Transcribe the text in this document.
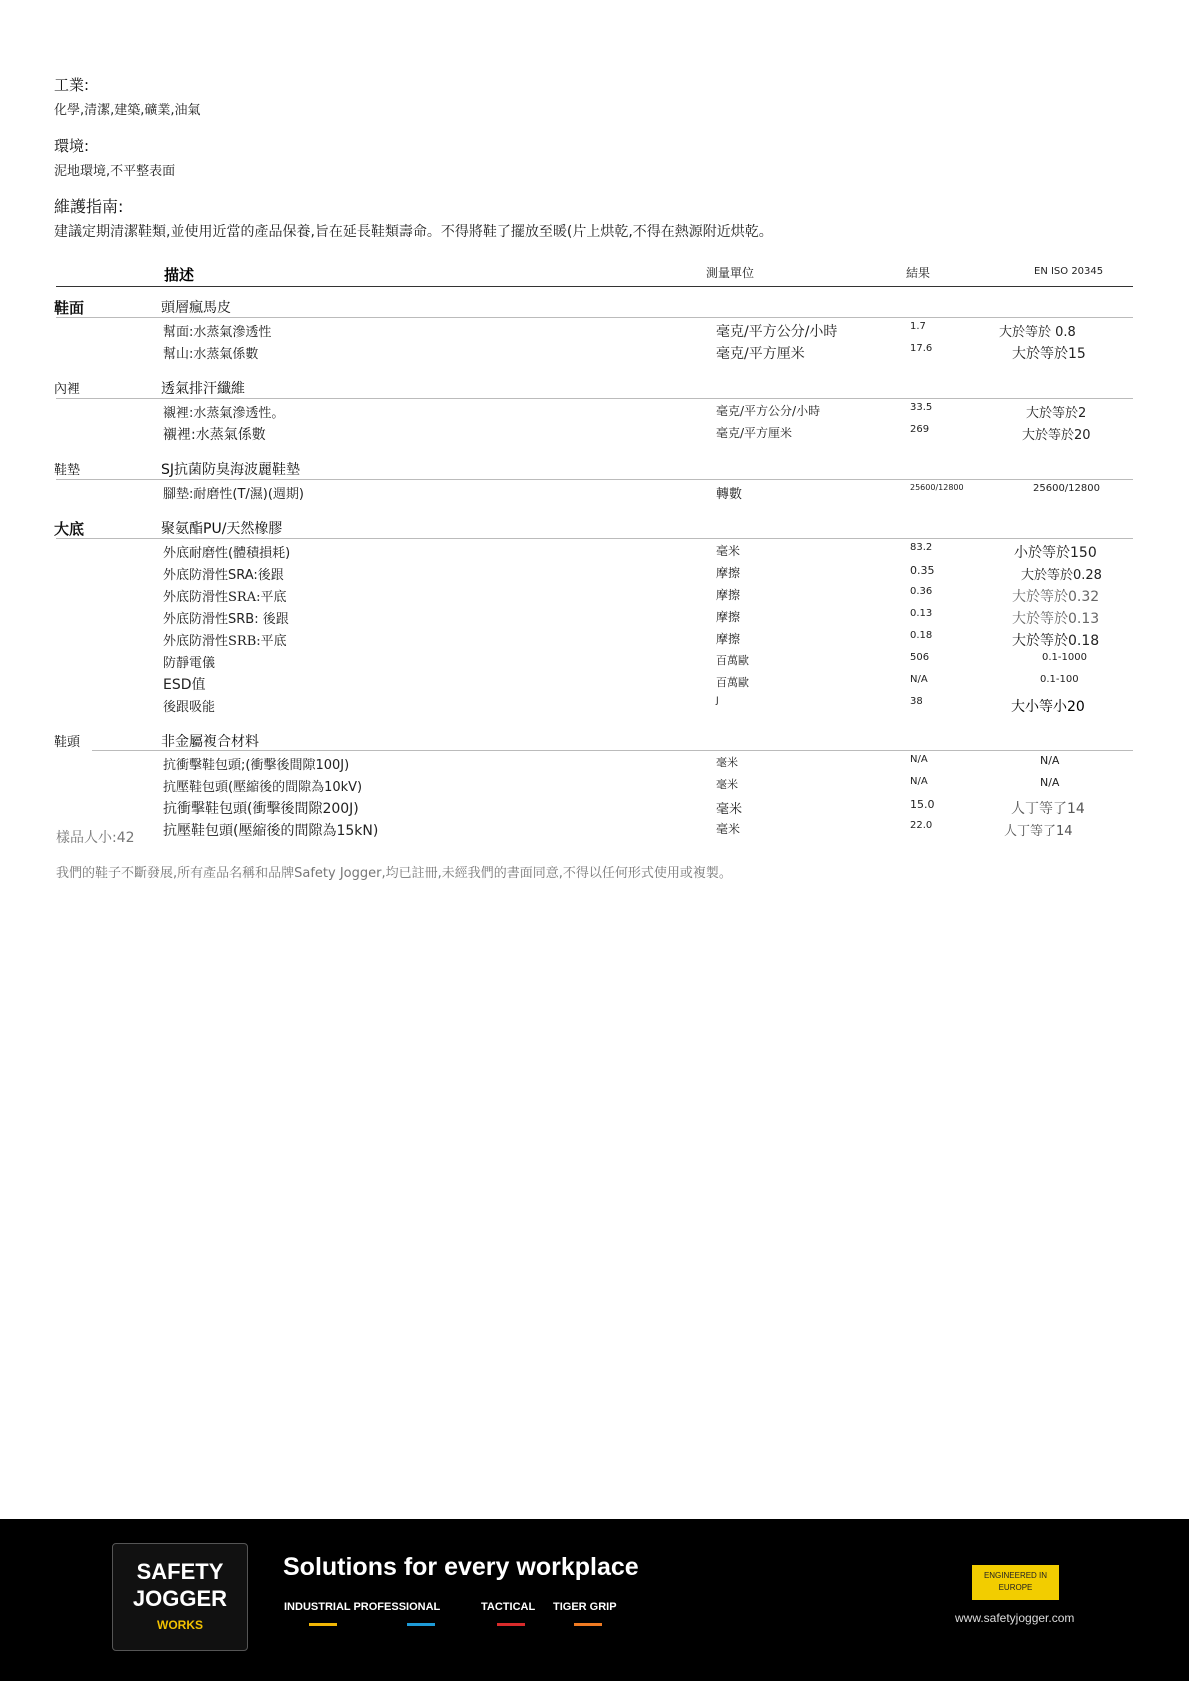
工業:
化學,清潔,建築,礦業,油氣
環境:
泥地環境,不平整表面
維護指南:
建議定期清潔鞋類,並使用近當的產品保養,旨在延長鞋類壽命。不得將鞋了擺放至暖(片上烘乾,不得在熱源附近烘乾。
描述	測量單位	結果	EN ISO 20345
鞋面	頭層瘋馬皮
幫面:水蒸氣滲透性	毫克/平方公分/小時	1.7	大於等於 0.8
幫山:水蒸氣係數	毫克/平方厘米	17.6	大於等於15
內裡	透氣排汗纖維
襯裡:水蒸氣滲透性。	毫克/平方公分/小時	33.5	大於等於2
襯裡:水蒸氣係數	毫克/平方厘米	269	大於等於20
鞋墊	SJ抗菌防臭海波麗鞋墊
腳墊:耐磨性(T/濕)(週期)	轉數	25600/12800	25600/12800
大底	聚氨酯PU/天然橡膠
外底耐磨性(體積損耗)	毫米	83.2	小於等於150
外底防滑性SRA:後跟	摩擦	0.35	大於等於0.28
外底防滑性SRA:平底	摩擦	0.36	大於等於0.32
外底防滑性SRB: 後跟	摩擦	0.13	大於等於0.13
外底防滑性SRB:平底	摩擦	0.18	大於等於0.18
防靜電儀	百萬歐	506	0.1-1000
ESD值	百萬歐	N/A	0.1-100
後跟吸能	J	38	大小等小20
鞋頭	非金屬複合材料
抗衝擊鞋包頭;(衝擊後間隙100J)	毫米	N/A	N/A
抗壓鞋包頭(壓縮後的間隙為10kV)	毫米	N/A	N/A
抗衝擊鞋包頭(衝擊後間隙200J)	毫米	15.0	人丁等了14
抗壓鞋包頭(壓縮後的間隙為15kN)	毫米	22.0	人丁等了14
樣品人小:42
我們的鞋子不斷發展,所有產品名稱和品牌Safety Jogger,均已註冊,未經我們的書面同意,不得以任何形式使用或複製。
SAFETY
JOGGER
WORKS
Solutions for every workplace
INDUSTRIAL PROFESSIONAL	TACTICAL TIGER GRIP
ENGINEERED IN
EUROPE
www.safetyjogger.com
